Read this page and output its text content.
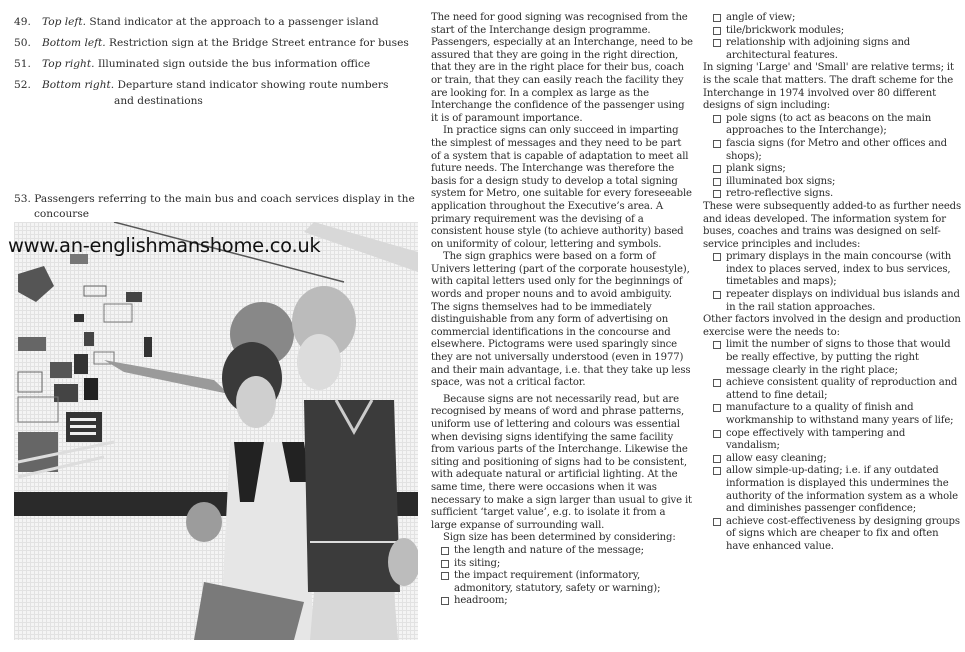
49. Top left. Stand indicator at the approach to a passenger island
50. Bottom left. Restriction sign at the Bridge Street entrance for buses
51. Top right. Illuminated sign outside the bus information office
52. Bottom right. Departure stand indicator showing route numbers
and destinations
53. Passengers referring to the main bus and coach services display in the concourse
www.an-englishmanshome.co.uk

The need for good signing was recognised from the start of the Interchange design programme. Passengers, especially at an Interchange, need to be assured that they are going in the right direction, that they are in the right place for their bus, coach or train, that they can easily reach the facility they are looking for. In a complex as large as the Interchange the confidence of the passenger using it is of paramount importance.

In practice signs can only succeed in imparting the simplest of messages and they need to be part of a system that is capable of adaptation to meet all future needs. The Interchange was therefore the basis for a design study to develop a total signing system for Metro, one suitable for every foreseeable application throughout the Executive’s area. A primary requirement was the devising of a consistent house style (to achieve authority) based on uniformity of colour, lettering and symbols.

The sign graphics were based on a form of Univers lettering (part of the corporate housestyle), with capital letters used only for the beginnings of words and proper nouns and to avoid ambiguity. The signs themselves had to be immediately distinguishable from any form of advertising on commercial identifications in the concourse and elsewhere. Pictograms were used sparingly since they are not universally understood (even in 1977) and their main advantage, i.e. that they take up less space, was not a critical factor.

Because signs are not necessarily read, but are recognised by means of word and phrase patterns, uniform use of lettering and colours was essential when devising signs identifying the same facility from various parts of the Interchange. Likewise the siting and positioning of signs had to be consistent, with adequate natural or artificial lighting. At the same time, there were occasions when it was necessary to make a sign larger than usual to give it sufficient ‘target value’, e.g. to isolate it from a large expanse of surrounding wall.

Sign size has been determined by considering:

the length and nature of the message;
its siting;
the impact requirement (informatory, admonitory, statutory, safety or warning);
headroom;
angle of view;
tile/brickwork modules;
relationship with adjoining signs and architectural features.

In signing 'Large' and 'Small' are relative terms; it is the scale that matters. The draft scheme for the Interchange in 1974 involved over 80 different designs of sign including:

pole signs (to act as beacons on the main approaches to the Interchange);
fascia signs (for Metro and other offices and shops);
plank signs;
illuminated box signs;
retro-reflective signs.

These were subsequently added-to as further needs and ideas developed. The information system for buses, coaches and trains was designed on self-service principles and includes:

primary displays in the main concourse (with index to places served, index to bus services, timetables and maps);
repeater displays on individual bus islands and in the rail station approaches.

Other factors involved in the design and production exercise were the needs to:

limit the number of signs to those that would be really effective, by putting the right message clearly in the right place;
achieve consistent quality of reproduction and attend to fine detail;
manufacture to a quality of finish and workmanship to withstand many years of life;
cope effectively with tampering and vandalism;
allow easy cleaning;
allow simple-up-dating; i.e. if any outdated information is displayed this undermines the authority of the information system as a whole and diminishes passenger confidence;
achieve cost-effectiveness by designing groups of signs which are cheaper to fix and often have enhanced value.
